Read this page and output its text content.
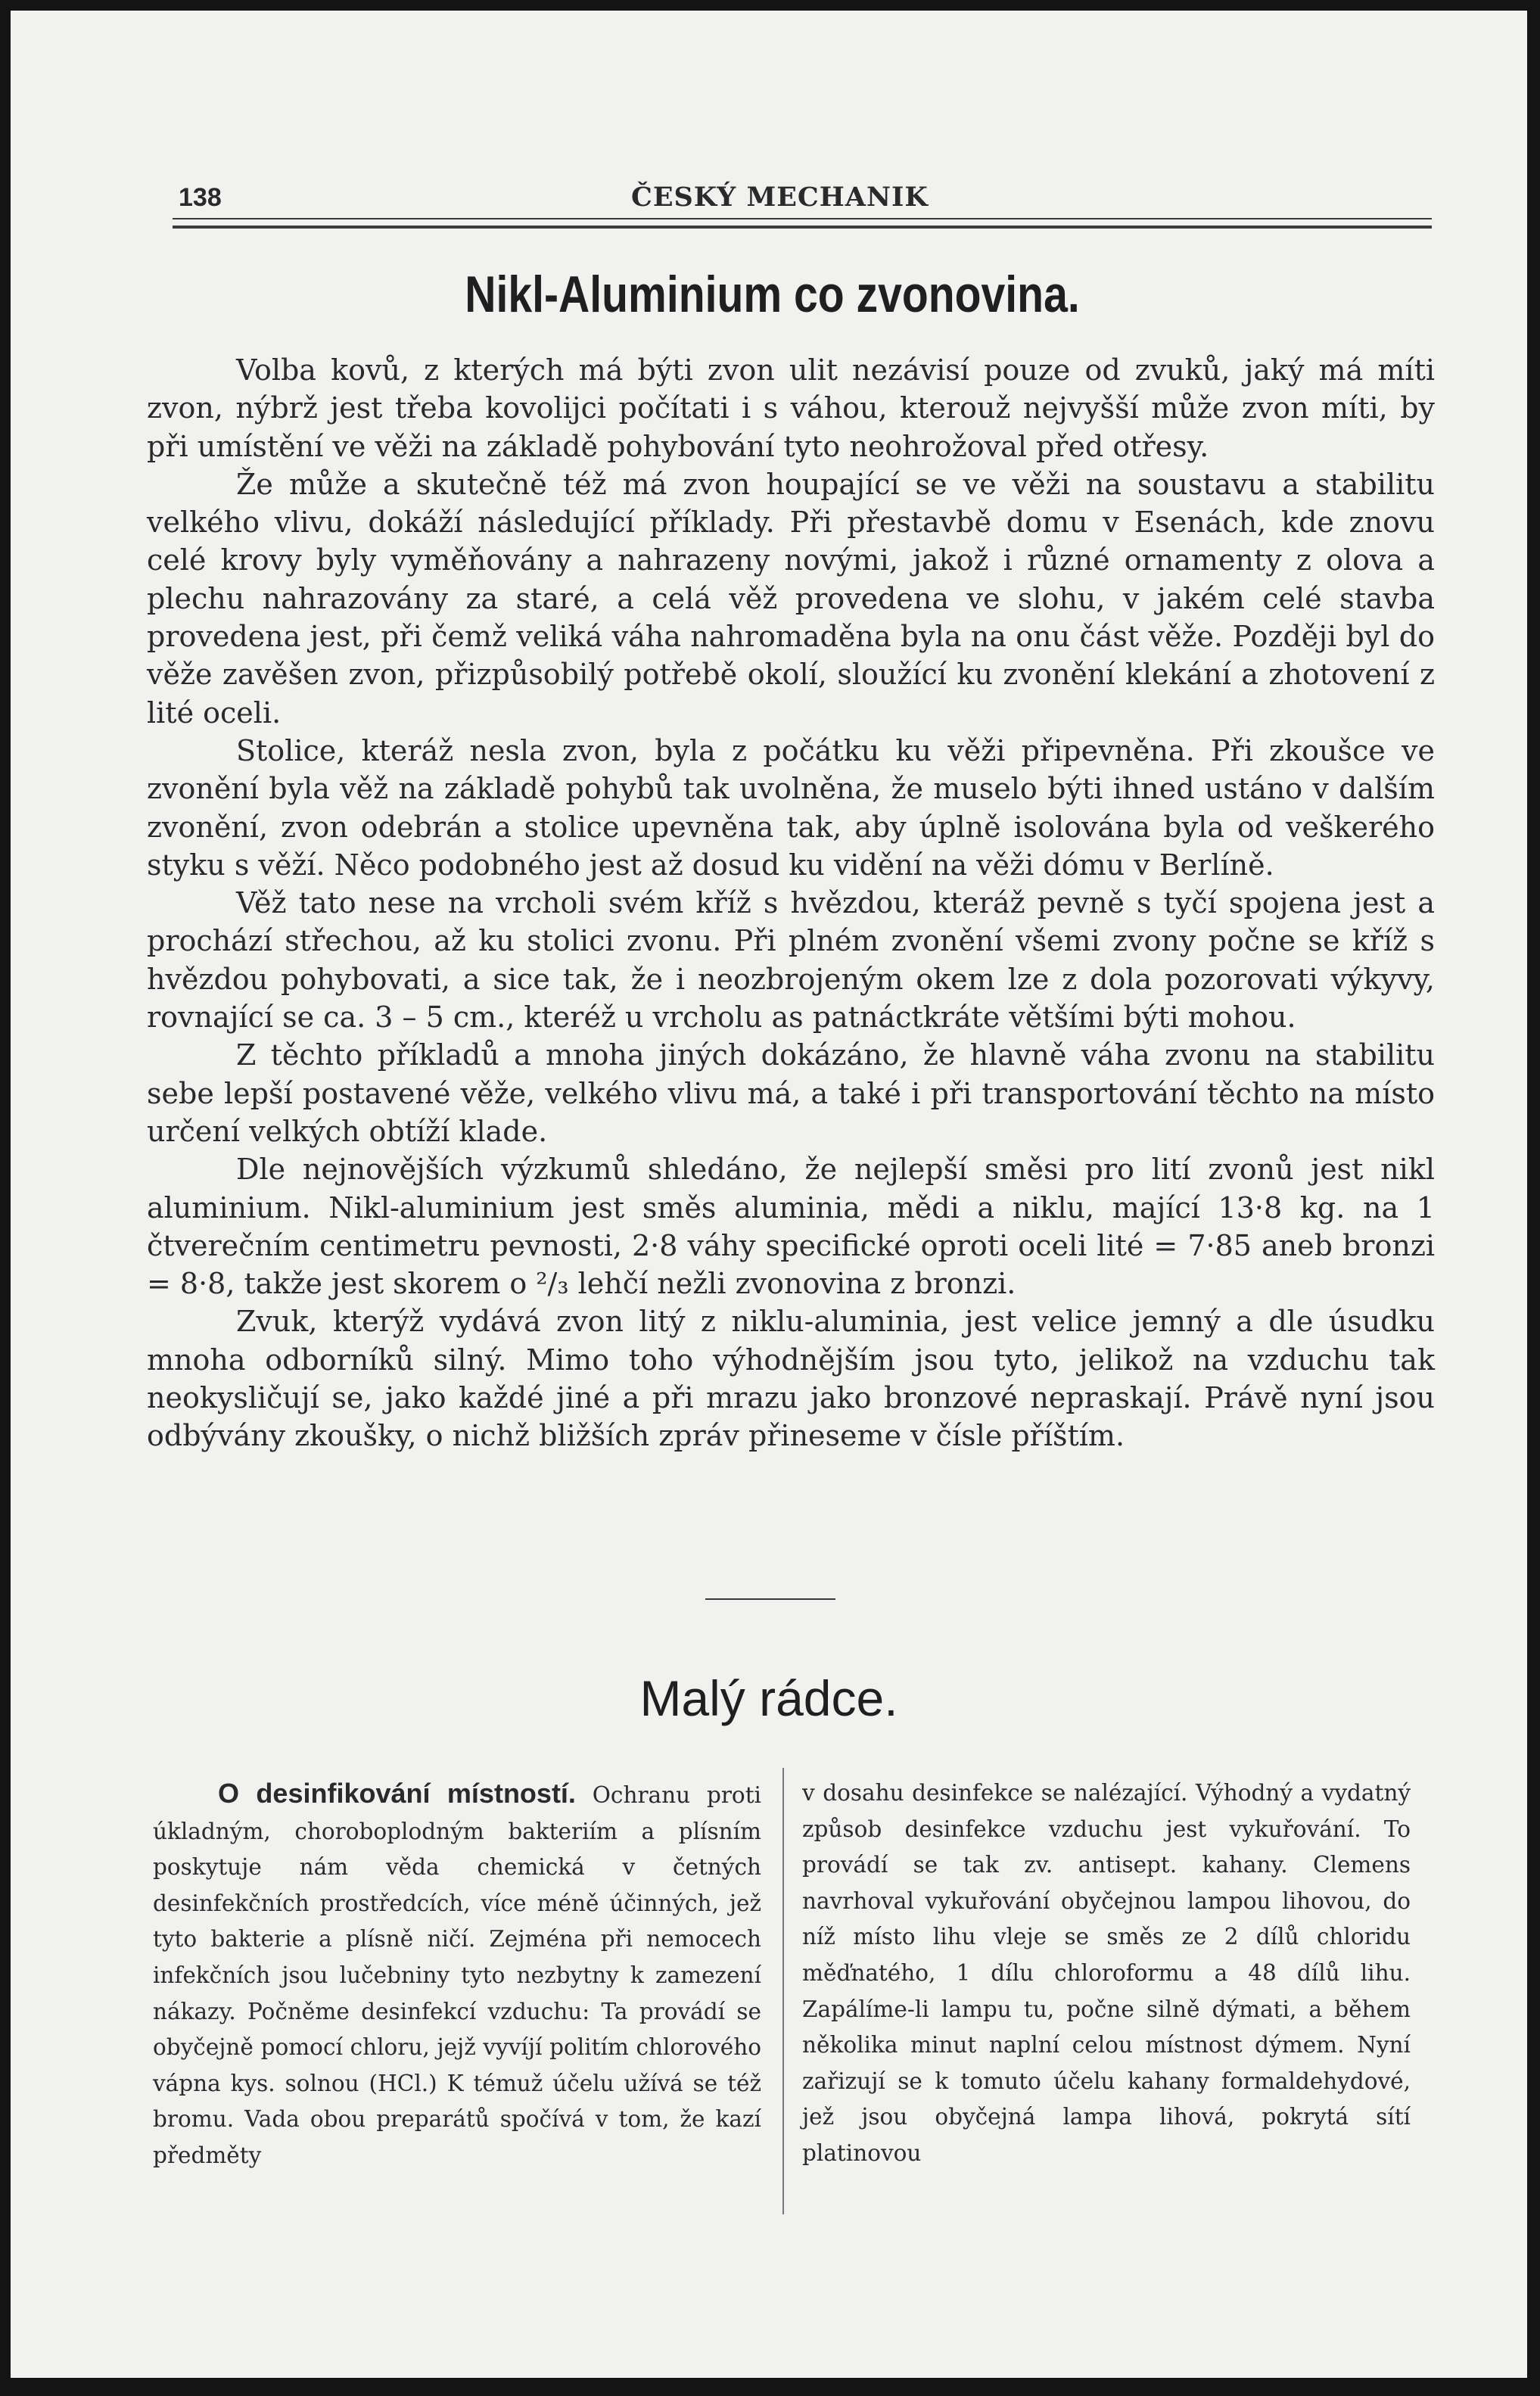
138	ČESKÝ MECHANIK
Nikl-Aluminium co zvonovina.

Volba kovů, z kterých má býti zvon ulit nezávisí pouze od zvuků, jaký má míti zvon, nýbrž jest třeba kovolijci počítati i s váhou, kterouž nejvyšší může zvon míti, by při umístění ve věži na základě pohybování tyto neohrožoval před otřesy.

Že může a skutečně též má zvon houpající se ve věži na soustavu a stabilitu velkého vlivu, dokáží následující příklady. Při přestavbě domu v Esenách, kde znovu celé krovy byly vyměňovány a nahrazeny novými, jakož i různé ornamenty z olova a plechu nahrazovány za staré, a celá věž provedena ve slohu, v jakém celé stavba provedena jest, při čemž veliká váha nahromaděna byla na onu část věže. Později byl do věže zavěšen zvon, přizpůsobilý potřebě okolí, sloužící ku zvonění klekání a zhotovení z lité oceli.

Stolice, kteráž nesla zvon, byla z počátku ku věži připevněna. Při zkoušce ve zvonění byla věž na základě pohybů tak uvolněna, že muselo býti ihned ustáno v dalším zvonění, zvon odebrán a stolice upevněna tak, aby úplně isolována byla od veškerého styku s věží. Něco podobného jest až dosud ku vidění na věži dómu v Berlíně.

Věž tato nese na vrcholi svém kříž s hvězdou, kteráž pevně s tyčí spojena jest a prochází střechou, až ku stolici zvonu. Při plném zvonění všemi zvony počne se kříž s hvězdou pohybovati, a sice tak, že i neozbrojeným okem lze z dola pozorovati výkyvy, rovnající se ca. 3 – 5 cm., kteréž u vrcholu as patnáctkráte většími býti mohou.

Z těchto příkladů a mnoha jiných dokázáno, že hlavně váha zvonu na stabilitu sebe lepší postavené věže, velkého vlivu má, a také i při transportování těchto na místo určení velkých obtíží klade.

Dle nejnovějších výzkumů shledáno, že nejlepší směsi pro lití zvonů jest nikl aluminium. Nikl-aluminium jest směs aluminia, mědi a niklu, mající 13·8 kg. na 1 čtverečním centimetru pevnosti, 2·8 váhy specifické oproti oceli lité = 7·85 aneb bronzi = 8·8, takže jest skorem o ²/₃ lehčí nežli zvonovina z bronzi.

Zvuk, kterýž vydává zvon litý z niklu-aluminia, jest velice jemný a dle úsudku mnoha odborníků silný. Mimo toho výhodnějším jsou tyto, jelikož na vzduchu tak neokysličují se, jako každé jiné a při mrazu jako bronzové nepraskají. Právě nyní jsou odbývány zkoušky, o nichž bližších zpráv přineseme v čísle příštím.

Malý rádce.

O desinfikování místností. Ochranu proti úkladným, choroboplodným bakteriím a plísním poskytuje nám věda chemická v četných desinfekčních prostředcích, více méně účinných, jež tyto bakterie a plísně ničí. Zejména při nemocech infekčních jsou lučebniny tyto nezbytny k zamezení nákazy. Počněme desinfekcí vzduchu: Ta provádí se obyčejně pomocí chloru, jejž vyvíjí politím chlorového vápna kys. solnou (HCl.) K témuž účelu užívá se též bromu. Vada obou preparátů spočívá v tom, že kazí předměty

v dosahu desinfekce se nalézající. Výhodný a vydatný způsob desinfekce vzduchu jest vykuřování. To provádí se tak zv. antisept. kahany. Clemens navrhoval vykuřování obyčejnou lampou lihovou, do níž místo lihu vleje se směs ze 2 dílů chloridu měďnatého, 1 dílu chloroformu a 48 dílů lihu. Zapálíme-li lampu tu, počne silně dýmati, a během několika minut naplní celou místnost dýmem. Nyní zařizují se k tomuto účelu kahany formaldehydové, jež jsou obyčejná lampa lihová, pokrytá sítí platinovou
